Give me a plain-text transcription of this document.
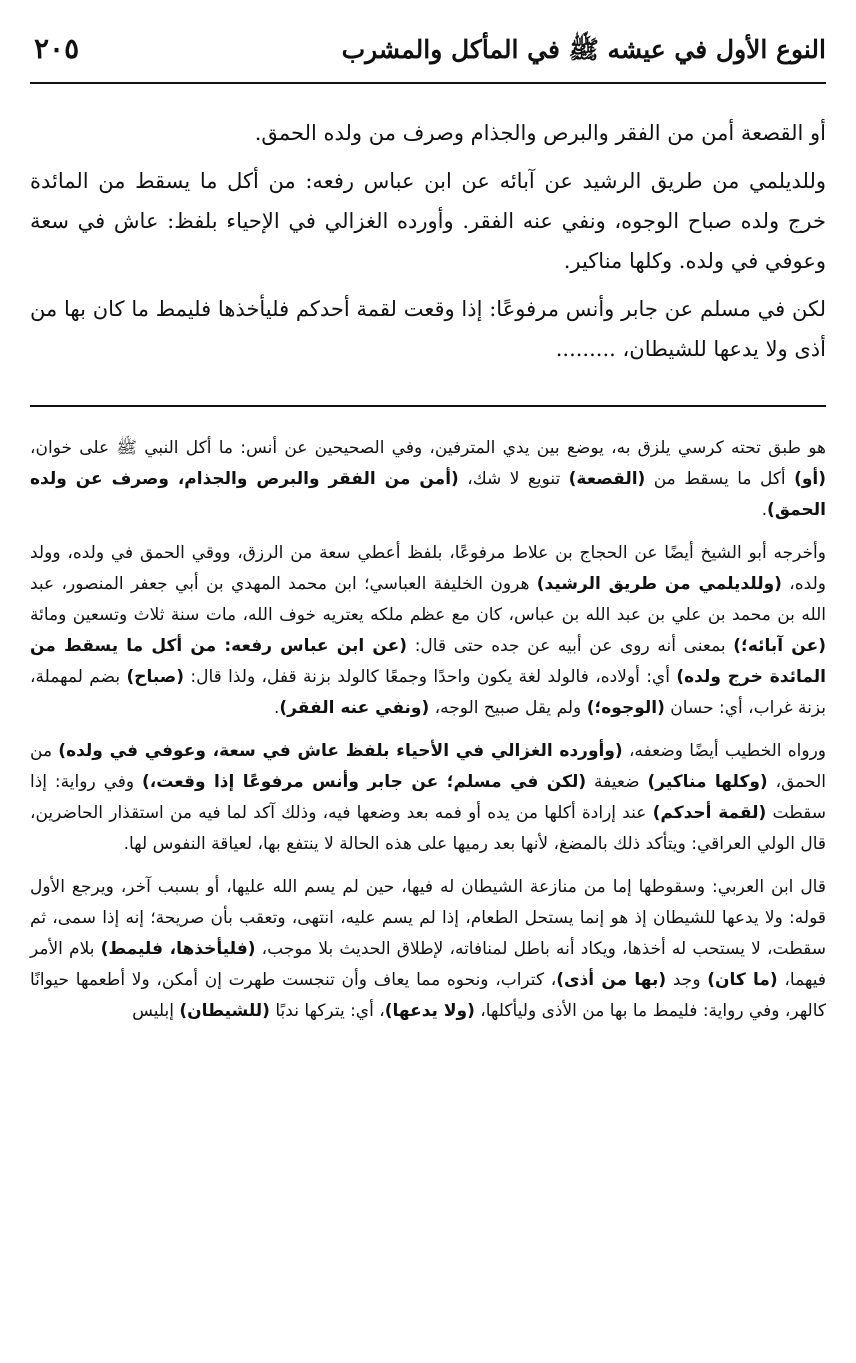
النوع الأول في عيشه ﷺ في المأكل والمشرب
٢٠٥

أو القصعة أمن من الفقر والبرص والجذام وصرف من ولده الحمق.

وللديلمي من طريق الرشيد عن آبائه عن ابن عباس رفعه: من أكل ما يسقط من المائدة خرج ولده صباح الوجوه، ونفي عنه الفقر. وأورده الغزالي في الإحياء بلفظ: عاش في سعة وعوفي في ولده. وكلها مناكير.

لكن في مسلم عن جابر وأنس مرفوعًا: إذا وقعت لقمة أحدكم فليأخذها فليمط ما كان بها من أذى ولا يدعها للشيطان، .........

هو طبق تحته كرسي يلزق به، يوضع بين يدي المترفين، وفي الصحيحين عن أنس: ما أكل النبي ﷺ على خوان، (أو) أكل ما يسقط من (القصعة) تنويع لا شك، (أمن من الفقر والبرص والجذام، وصرف عن ولده الحمق).

وأخرجه أبو الشيخ أيضًا عن الحجاج بن علاط مرفوعًا، بلفظ أعطي سعة من الرزق، ووقي الحمق في ولده، وولد ولده، (وللديلمي من طريق الرشيد) هرون الخليفة العباسي؛ ابن محمد المهدي بن أبي جعفر المنصور، عبد الله بن محمد بن علي بن عبد الله بن عباس، كان مع عظم ملكه يعتريه خوف الله، مات سنة ثلاث وتسعين ومائة (عن آبائه؛) بمعنى أنه روى عن أبيه عن جده حتى قال: (عن ابن عباس رفعه: من أكل ما يسقط من المائدة خرج ولده) أي: أولاده، فالولد لغة يكون واحدًا وجمعًا كالولد بزنة قفل، ولذا قال: (صباح) بضم لمهملة، بزنة غراب، أي: حسان (الوجوه؛) ولم يقل صبيح الوجه، (ونفي عنه الفقر).

ورواه الخطيب أيضًا وضعفه، (وأورده الغزالي في الأحياء بلفظ عاش في سعة، وعوفي في ولده) من الحمق، (وكلها مناكير) ضعيفة (لكن في مسلم؛ عن جابر وأنس مرفوعًا إذا وقعت،) وفي رواية: إذا سقطت (لقمة أحدكم) عند إرادة أكلها من يده أو فمه بعد وضعها فيه، وذلك آكد لما فيه من استقذار الحاضرين، قال الولي العراقي: ويتأكد ذلك بالمضغ، لأنها بعد رميها على هذه الحالة لا ينتفع بها، لعياقة النفوس لها.

قال ابن العربي: وسقوطها إما من منازعة الشيطان له فيها، حين لم يسم الله عليها، أو بسبب آخر، ويرجع الأول قوله: ولا يدعها للشيطان إذ هو إنما يستحل الطعام، إذا لم يسم عليه، انتهى، وتعقب بأن صريحة؛ إنه إذا سمى، ثم سقطت، لا يستحب له أخذها، ويكاد أنه باطل لمنافاته، لإطلاق الحديث بلا موجب، (فليأخذها، فليمط) بلام الأمر فيهما، (ما كان) وجد (بها من أذى)، كتراب، ونحوه مما يعاف وأن تنجست طهرت إن أمكن، ولا أطعمها حيوانًا كالهر، وفي رواية: فليمط ما بها من الأذى وليأكلها، (ولا يدعها)، أي: يتركها ندبًا (للشيطان) إبليس
